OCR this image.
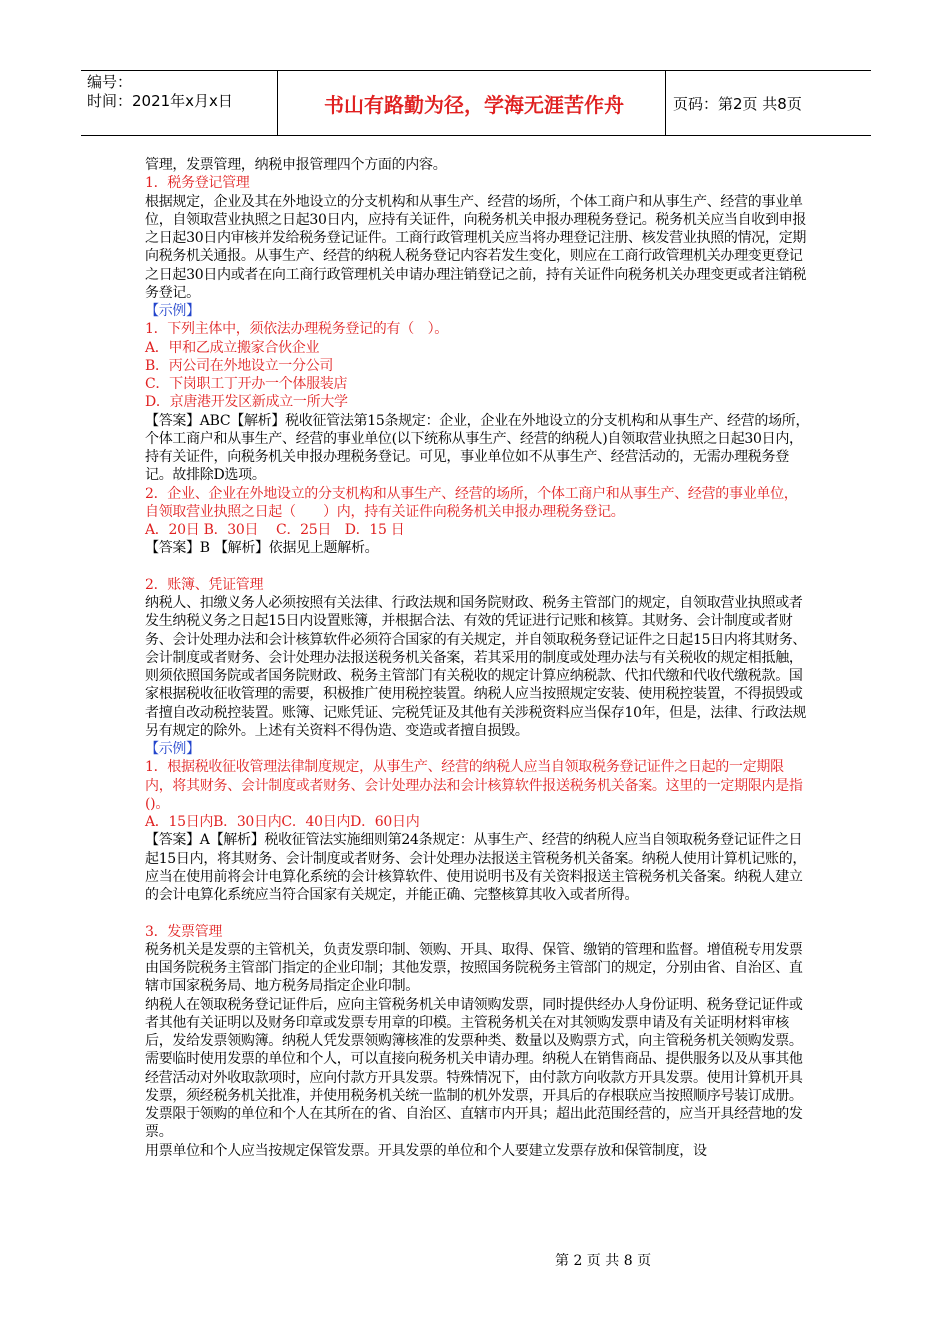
编号：
时间：2021年x月x日	书山有路勤为径，学海无涯苦作舟	页码：第2页 共8页

管理，发票管理，纳税申报管理四个方面的内容。

1．税务登记管理

根据规定，企业及其在外地设立的分支机构和从事生产、经营的场所，个体工商户和从事生产、经营的事业单位，自领取营业执照之日起30日内，应持有关证件，向税务机关申报办理税务登记。税务机关应当自收到申报之日起30日内审核并发给税务登记证件。工商行政管理机关应当将办理登记注册、核发营业执照的情况，定期向税务机关通报。从事生产、经营的纳税人税务登记内容若发生变化，则应在工商行政管理机关办理变更登记之日起30日内或者在向工商行政管理机关申请办理注销登记之前，持有关证件向税务机关办理变更或者注销税务登记。

【示例】

1．下列主体中，须依法办理税务登记的有（　）。

A．甲和乙成立搬家合伙企业

B．丙公司在外地设立一分公司

C．下岗职工丁开办一个体服装店

D．京唐港开发区新成立一所大学

【答案】ABC【解析】税收征管法第15条规定：企业，企业在外地设立的分支机构和从事生产、经营的场所，个体工商户和从事生产、经营的事业单位(以下统称从事生产、经营的纳税人)自领取营业执照之日起30日内，持有关证件，向税务机关申报办理税务登记。可见，事业单位如不从事生产、经营活动的，无需办理税务登记。故排除D选项。

2．企业、企业在外地设立的分支机构和从事生产、经营的场所，个体工商户和从事生产、经营的事业单位，自领取营业执照之日起（　　）内，持有关证件向税务机关申报办理税务登记。

A．20日 B．30日　 C．25日　D．15 日

【答案】B 【解析】依据见上题解析。

2．账簿、凭证管理

纳税人、扣缴义务人必须按照有关法律、行政法规和国务院财政、税务主管部门的规定，自领取营业执照或者发生纳税义务之日起15日内设置账簿，并根据合法、有效的凭证进行记账和核算。其财务、会计制度或者财务、会计处理办法和会计核算软件必须符合国家的有关规定，并自领取税务登记证件之日起15日内将其财务、会计制度或者财务、会计处理办法报送税务机关备案，若其采用的制度或处理办法与有关税收的规定相抵触，则须依照国务院或者国务院财政、税务主管部门有关税收的规定计算应纳税款、代扣代缴和代收代缴税款。国家根据税收征收管理的需要，积极推广使用税控装置。纳税人应当按照规定安装、使用税控装置，不得损毁或者擅自改动税控装置。账簿、记账凭证、完税凭证及其他有关涉税资料应当保存10年，但是，法律、行政法规另有规定的除外。上述有关资料不得伪造、变造或者擅自损毁。

【示例】

1．根据税收征收管理法律制度规定，从事生产、经营的纳税人应当自领取税务登记证件之日起的一定期限内，将其财务、会计制度或者财务、会计处理办法和会计核算软件报送税务机关备案。这里的一定期限内是指()。

A．15日内B．30日内C．40日内D．60日内

【答案】A【解析】税收征管法实施细则第24条规定：从事生产、经营的纳税人应当自领取税务登记证件之日起15日内，将其财务、会计制度或者财务、会计处理办法报送主管税务机关备案。纳税人使用计算机记账的，应当在使用前将会计电算化系统的会计核算软件、使用说明书及有关资料报送主管税务机关备案。纳税人建立的会计电算化系统应当符合国家有关规定，并能正确、完整核算其收入或者所得。

3．发票管理

税务机关是发票的主管机关，负责发票印制、领购、开具、取得、保管、缴销的管理和监督。增值税专用发票由国务院税务主管部门指定的企业印制；其他发票，按照国务院税务主管部门的规定，分别由省、自治区、直辖市国家税务局、地方税务局指定企业印制。

纳税人在领取税务登记证件后，应向主管税务机关申请领购发票，同时提供经办人身份证明、税务登记证件或者其他有关证明以及财务印章或发票专用章的印模。主管税务机关在对其领购发票申请及有关证明材料审核后，发给发票领购簿。纳税人凭发票领购簿核准的发票种类、数量以及购票方式，向主管税务机关领购发票。需要临时使用发票的单位和个人，可以直接向税务机关申请办理。纳税人在销售商品、提供服务以及从事其他经营活动对外收取款项时，应向付款方开具发票。特殊情况下，由付款方向收款方开具发票。使用计算机开具发票，须经税务机关批准，并使用税务机关统一监制的机外发票，开具后的存根联应当按照顺序号装订成册。

发票限于领购的单位和个人在其所在的省、自治区、直辖市内开具；超出此范围经营的，应当开具经营地的发票。

用票单位和个人应当按规定保管发票。开具发票的单位和个人要建立发票存放和保管制度，设

第 2 页 共 8 页
